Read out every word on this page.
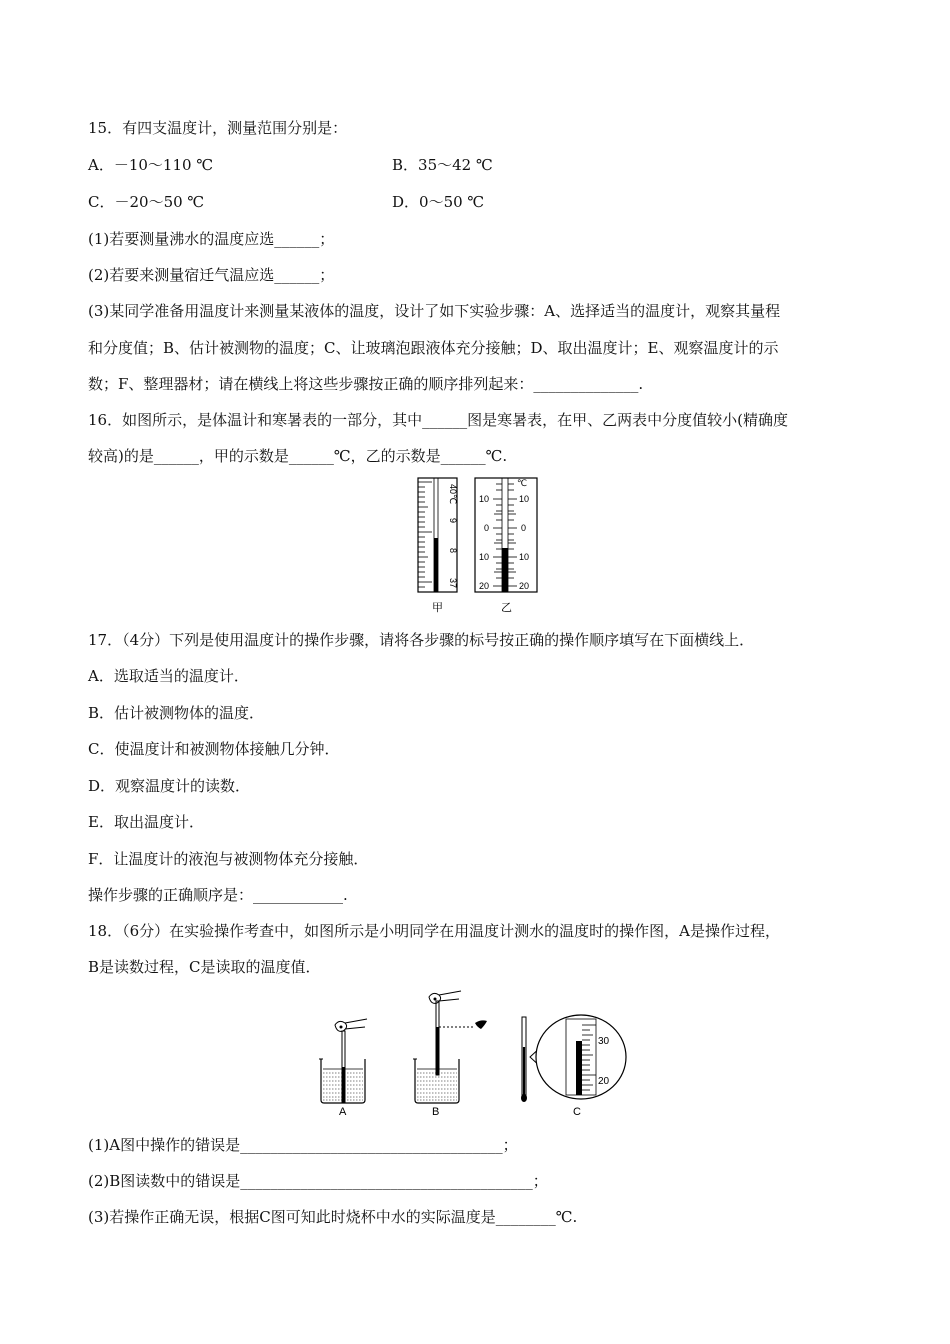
15．有四支温度计，测量范围分别是：
A．－10～110 ℃	B．35～42 ℃
C．－20～50 ℃	D．0～50 ℃
(1)若要测量沸水的温度应选______；
(2)若要来测量宿迁气温应选______；
(3)某同学准备用温度计来测量某液体的温度，设计了如下实验步骤：A、选择适当的温度计，观察其量程
和分度值；B、估计被测物的温度；C、让玻璃泡跟液体充分接触；D、取出温度计；E、观察温度计的示
数；F、整理器材；请在横线上将这些步骤按正确的顺序排列起来：______________.
16．如图所示，是体温计和寒暑表的一部分，其中______图是寒暑表，在甲、乙两表中分度值较小(精确度
较高)的是______，甲的示数是______℃，乙的示数是______℃.
40℃
9
8
37
甲
10
0
10
20
℃
10
0
10
20
乙
17．（4分）下列是使用温度计的操作步骤，请将各步骤的标号按正确的操作顺序填写在下面横线上．
A．选取适当的温度计．
B．估计被测物体的温度．
C．使温度计和被测物体接触几分钟．
D．观察温度计的读数．
E．取出温度计．
F．让温度计的液泡与被测物体充分接触．
操作步骤的正确顺序是：____________.
18．（6分）在实验操作考查中，如图所示是小明同学在用温度计测水的温度时的操作图，A是操作过程，
B是读数过程，C是读取的温度值．
A	B
30
20
C
(1)A图中操作的错误是___________________________________；
(2)B图读数中的错误是_______________________________________；
(3)若操作正确无误，根据C图可知此时烧杯中水的实际温度是________℃.
